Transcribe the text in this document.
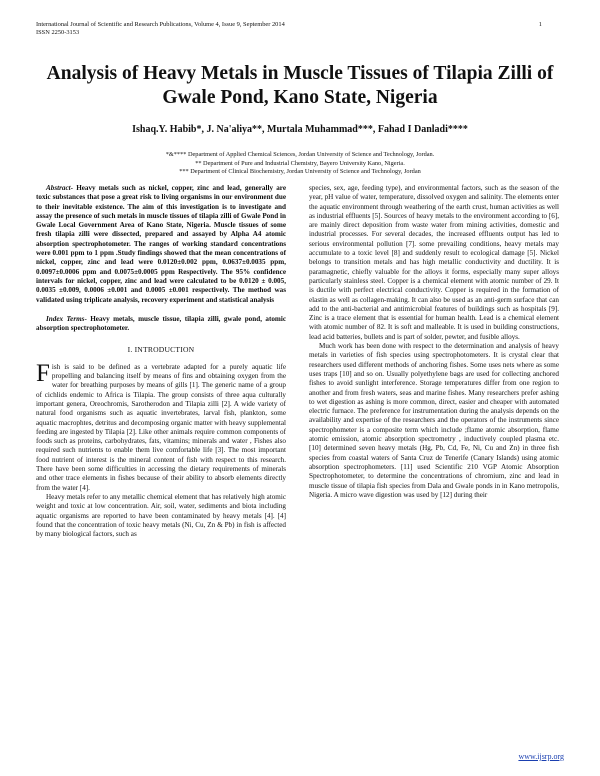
International Journal of Scientific and Research Publications, Volume 4, Issue 9, September 2014
ISSN 2250-3153
1
Analysis of Heavy Metals in Muscle Tissues of Tilapia Zilli of Gwale Pond, Kano State, Nigeria
Ishaq.Y. Habib*, J. Na'aliya**, Murtala Muhammad***, Fahad I Danladi****
*&**** Department of Applied Chemical Sciences, Jordan University of Science and Technology, Jordan.
** Department of Pure and Industrial Chemistry, Bayero University Kano, Nigeria.
*** Department of Clinical Biochemistry, Jordan University of Science and Technology, Jordan

Abstract- Heavy metals such as nickel, copper, zinc and lead, generally are toxic substances that pose a great risk to living organisms in our environment due to their inevitable existence. The aim of this investigation is to investigate and assay the presence of such metals in muscle tissues of tilapia zilli of Gwale Pond in Gwale Local Government Area of Kano State, Nigeria. Muscle tissues of some fresh tilapia zilli were dissected, prepared and assayed by Alpha A4 atomic absorption spectrophotometer. The ranges of working standard concentrations were 0.001 ppm to 1 ppm .Study findings showed that the mean concentrations of nickel, copper, zinc and lead were 0.0120±0.002 ppm, 0.0637±0.0035 ppm, 0.0097±0.0006 ppm and 0.0075±0.0005 ppm Respectively. The 95% confidence intervals for nickel, copper, zinc and lead were calculated to be 0.0120 ± 0.005, 0.0035 ±0.009, 0.0006 ±0.001 and 0.0005 ±0.001 respectively. The method was validated using triplicate analysis, recovery experiment and statistical analysis

Index Terms- Heavy metals, muscle tissue, tilapia zilli, gwale pond, atomic absorption spectrophotometer.

I. INTRODUCTION

F ish is said to be defined as a vertebrate adapted for a purely aquatic life propelling and balancing itself by means of fins and obtaining oxygen from the water for breathing purposes by means of gills [1]. The generic name of a group of cichlids endemic to Africa is Tilapia. The group consists of three aqua culturally important genera, Oreochromis, Sarotherodon and Tilapia zilli [2]. A wide variety of natural food organisms such as aquatic invertebrates, larval fish, plankton, some aquatic macrophtes, detritus and decomposing organic matter with heavy supplemental feeding are ingested by Tilapia [2]. Like other animals require common components of foods such as proteins, carbohydrates, fats, vitamins; minerals and water , Fishes also required such nutrients to enable them live comfortable life [3]. The most important food nutrient of interest is the mineral content of fish with respect to this research. There have been some difficulties in accessing the dietary requirements of minerals and other trace elements in fishes because of their ability to absorb elements directly from the water [4].

Heavy metals refer to any metallic chemical element that has relatively high atomic weight and toxic at low concentration. Air, soil, water, sediments and biota including aquatic organisms are reported to have been contaminated by heavy metals [4]. [4] found that the concentration of toxic heavy metals (Ni, Cu, Zn & Pb) in fish is affected by many biological factors, such as

species, sex, age, feeding type), and environmental factors, such as the season of the year, pH value of water, temperature, dissolved oxygen and salinity. The elements enter the aquatic environment through weathering of the earth crust, human activities as well as industrial effluents [5]. Sources of heavy metals to the environment according to [6], are mainly direct deposition from waste water from mining activities, domestic and industrial processes. For several decades, the increased effluents output has led to serious environmental pollution [7]. some prevailing conditions, heavy metals may accumulate to a toxic level [8] and suddenly result to ecological damage [5]. Nickel belongs to transition metals and has high metallic conductivity and ductility. It is paramagnetic, chiefly valuable for the alloys it forms, especially many super alloys particularly stainless steel. Copper is a chemical element with atomic number of 29. It is ductile with perfect electrical conductivity. Copper is required in the formation of elastin as well as collagen-making. It can also be used as an anti-germ surface that can add to the anti-bacterial and antimicrobial features of buildings such as hospitals [9]. Zinc is a trace element that is essential for human health. Lead is a chemical element with atomic number of 82. It is soft and malleable. It is used in building constructions, lead acid batteries, bullets and is part of solder, pewter, and fusible alloys.

Much work has been done with respect to the determination and analysis of heavy metals in varieties of fish species using spectrophotometers. It is crystal clear that researchers used different methods of anchoring fishes. Some uses nets where as some uses traps [10] and so on. Usually polyethylene bags are used for collecting anchored fishes to avoid sunlight interference. Storage temperatures differ from one region to another and from fresh waters, seas and marine fishes. Many researchers prefer ashing to wet digestion as ashing is more common, direct, easier and cheaper with automated electric furnace. The preference for instrumentation during the analysis depends on the availability and expertise of the researchers and the operators of the instruments since spectrophometer is a composite term which include ;flame atomic absorption, flame atomic emission, atomic absorption spectrometry , inductively coupled plasma etc. [10] determined seven heavy metals (Hg, Pb, Cd, Fe, Ni, Cu and Zn) in three fish species from coastal waters of Santa Cruz de Tenerife (Canary Islands) using atomic absorption spectrophometers. [11] used Scientific 210 VGP Atomic Absorption Spectrophotometer, to determine the concentrations of chromium, zinc and lead in muscle tissue of tilapia fish species from Dala and Gwale ponds in in Kano metropolis, Nigeria. A micro wave digestion was used by [12] during their

www.ijsrp.org
